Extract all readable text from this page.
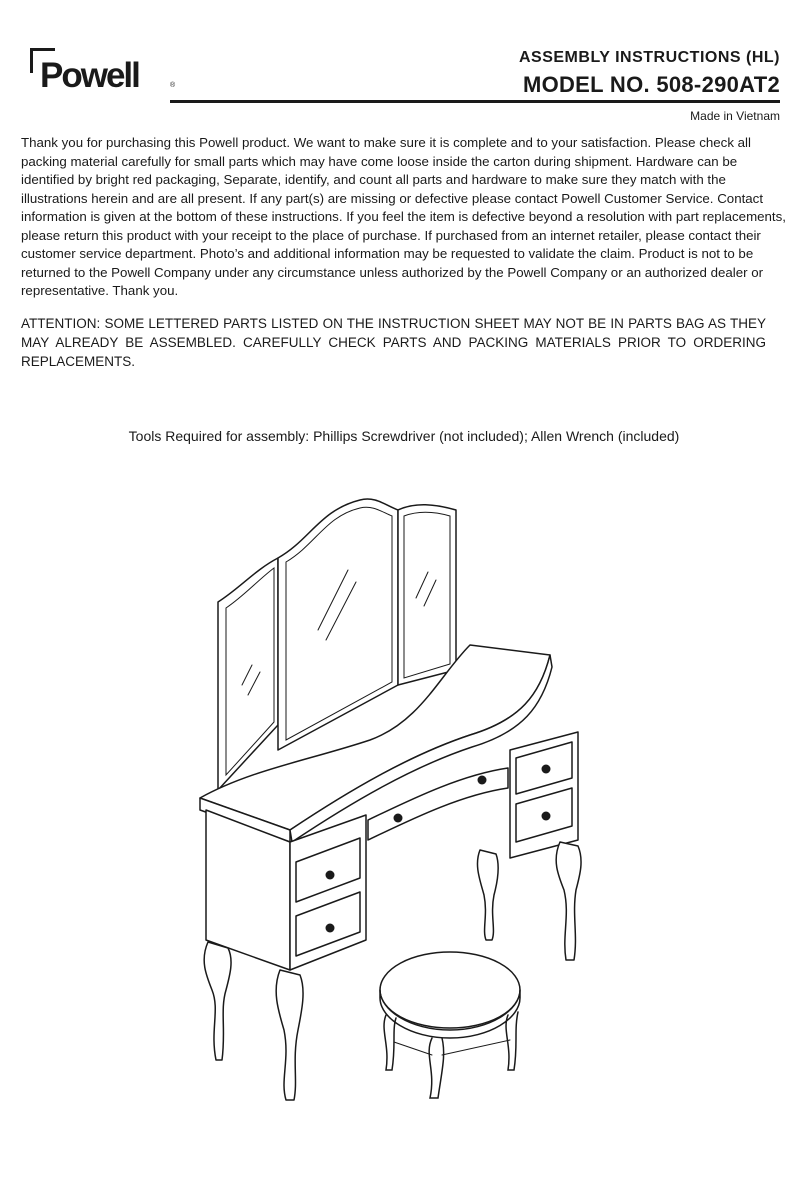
Powell	®
ASSEMBLY INSTRUCTIONS (HL)
MODEL NO. 508-290AT2
Made in Vietnam

Thank you for purchasing this Powell product. We want to make sure it is complete and to your satisfaction. Please check all packing material carefully for small parts which may have come loose inside the carton during shipment. Hardware can be identified by bright red packaging, Separate, identify, and count all parts and hardware to make sure they match with the illustrations herein and are all present. If any part(s) are missing or defective please contact Powell Customer Service. Contact information is given at the bottom of these instructions. If you feel the item is defective beyond a resolution with part replacements, please return this product with your receipt to the place of purchase. If purchased from an internet retailer, please contact their customer service department. Photo’s and additional information may be requested to validate the claim. Product is not to be returned to the Powell Company under any circumstance unless authorized by the Powell Company or an authorized dealer or representative. Thank you.

ATTENTION: SOME LETTERED PARTS LISTED ON THE INSTRUCTION SHEET MAY NOT BE IN PARTS BAG AS THEY MAY ALREADY BE ASSEMBLED. CAREFULLY CHECK PARTS AND PACKING MATERIALS PRIOR TO ORDERING REPLACEMENTS.

Tools Required for assembly: Phillips Screwdriver (not included); Allen Wrench (included)
